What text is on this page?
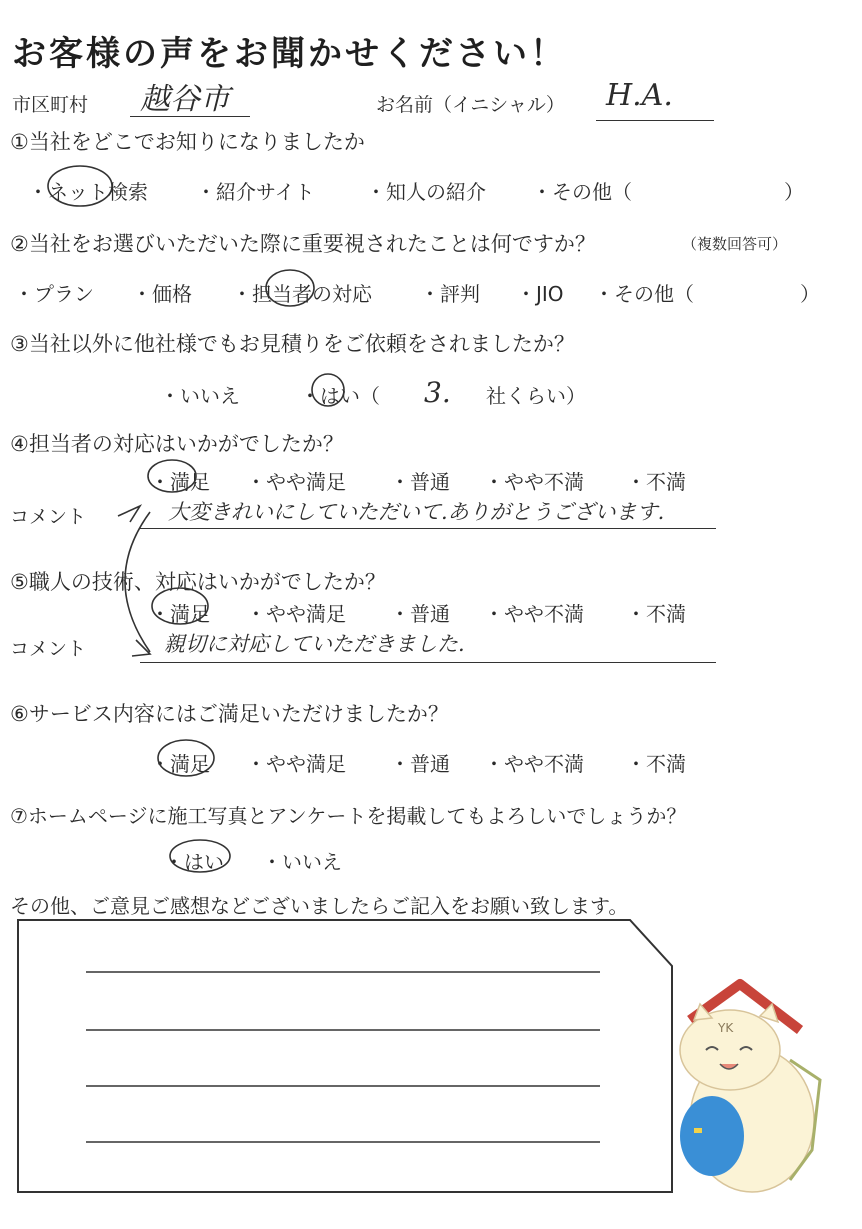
お客様の声をお聞かせください！
市区町村 越谷市	お名前（イニシャル） H.A.
①当社をどこでお知りになりましたか
・ネット検索 ・紹介サイト	・知人の紹介 ・その他（	）
②当社をお選びいただいた際に重要視されたことは何ですか？	（複数回答可）
・プラン ・価格 ・担当者の対応 ・評判 ・JIO ・その他（	）
③当社以外に他社様でもお見積りをご依頼をされましたか？
・いいえ	・はい（ 3. 社くらい）
④担当者の対応はいかがでしたか？
・満足 ・やや満足 ・普通 ・やや不満 ・不満
コメント	大変きれいにしていただいて.ありがとうございます.
⑤職人の技術、対応はいかがでしたか？
・満足 ・やや満足 ・普通 ・やや不満 ・不満
コメント	親切に対応していただきました.
⑥サービス内容にはご満足いただけましたか？
・満足 ・やや満足 ・普通 ・やや不満 ・不満
⑦ホームページに施工写真とアンケートを掲載してもよろしいでしょうか？
・はい ・いいえ
その他、ご意見ご感想などございましたらご記入をお願い致します。
YK
